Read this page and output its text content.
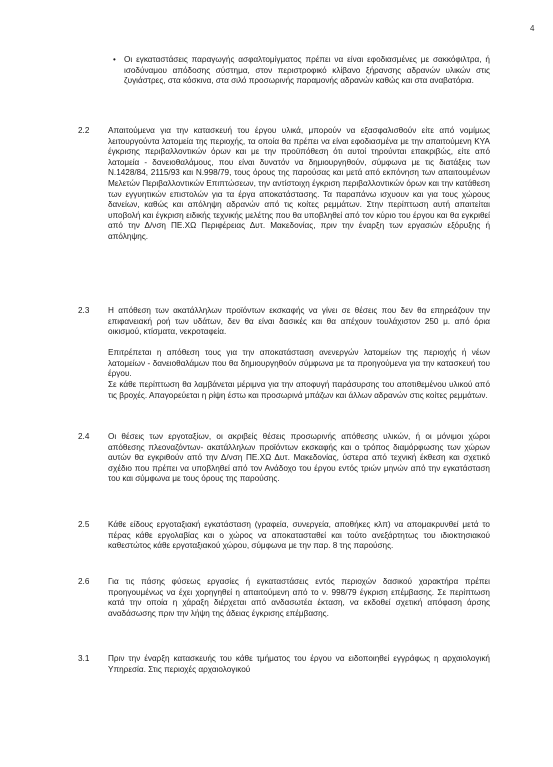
4
• Οι εγκαταστάσεις παραγωγής ασφαλτομίγματος πρέπει να είναι εφοδιασμένες με σακκόφιλτρα, ή ισοδύναμου απόδοσης σύστημα, στον περιστροφικό κλίβανο ξήρανσης αδρανών υλικών στις ζυγιάστρες, στα κόσκινα, στα σιλό προσωρινής παραμονής αδρανών καθώς και στα αναβατόρια.
2.2 Απαιτούμενα για την κατασκευή του έργου υλικά, μπορούν να εξασφαλισθούν είτε από νομίμως λειτουργούντα λατομεία της περιοχής, τα οποία θα πρέπει να είναι εφοδιασμένα με την απαιτούμενη ΚΥΑ έγκρισης περιβαλλοντικών όρων και με την προϋπόθεση ότι αυτοί τηρούνται επακριβώς, είτε από λατομεία - δανειοθαλάμους, που είναι δυνατόν να δημιουργηθούν, σύμφωνα με τις διατάξεις των Ν.1428/84, 2115/93 και Ν.998/79, τους όρους της παρούσας και μετά από εκπόνηση των απαιτουμένων Μελετών Περιβαλλοντικών Επιπτώσεων, την αντίστοιχη έγκριση περιβαλλοντικών όρων και την κατάθεση των εγγυητικών επιστολών για τα έργα αποκατάστασης. Τα παραπάνω ισχυουν και για τους χώρους δανείων, καθώς και απόληψη αδρανών από τις κοίτες ρεμμάτων. Στην περίπτωση αυτή απαιτείται υποβολή και έγκριση ειδικής τεχνικής μελέτης που θα υποβληθεί από τον κύριο του έργου και θα εγκριθεί από την Δ/νση ΠΕ.ΧΩ Περιφέρειας Δυτ. Μακεδονίας, πριν την έναρξη των εργασιών εξόρυξης ή απόληψης.
2.3 Η απόθεση των ακατάλληλων προϊόντων εκσκαφής να γίνει σε θέσεις που δεν θα επηρεάζουν την επιφανειακή ροή των υδάτων, δεν θα είναι δασικές και θα απέχουν τουλάχιστον 250 μ. από όρια οικισμού, κτίσματα, νεκροταφεία.
Επιτρέπεται η απόθεση τους για την αποκατάσταση ανενεργών λατομείων της περιοχής ή νέων λατομείων - δανειοθαλάμων που θα δημιουργηθούν σύμφωνα με τα προηγούμενα για την κατασκευή του έργου.
Σε κάθε περίπτωση θα λαμβάνεται μέριμνα για την αποφυγή παράσυρσης του αποτιθεμένου υλικού από τις βροχές. Απαγορεύεται η ρίψη έστω και προσωρινά μπάζων και άλλων αδρανών στις κοίτες ρεμμάτων.
2.4 Οι θέσεις των εργοταξίων, οι ακριβείς θέσεις προσωρινής απόθεσης υλικών, ή οι μόνιμοι χώροι απόθεσης πλεοναζόντων- ακατάλληλων προϊόντων εκσκαφής και ο τρόπος διαμόρφωσης των χώρων αυτών θα εγκριθούν από την Δ/νση ΠΕ.ΧΩ Δυτ. Μακεδονίας, ύστερα από τεχνική έκθεση και σχετικό σχέδιο που πρέπει να υποβληθεί από τον Ανάδοχο του έργου εντός τριών μηνών από την εγκατάσταση του και σύμφωνα με τους όρους της παρούσης.
2.5 Κάθε είδους εργοταξιακή εγκατάσταση (γραφεία, συνεργεία, αποθήκες κλπ) να απομακρυνθεί μετά το πέρας κάθε εργολαβίας και ο χώρος να αποκατασταθεί και τούτο ανεξάρτητως του ιδιοκτησιακού καθεστώτος κάθε εργοταξιακού χώρου, σύμφωνα με την παρ. 8 της παρούσης.
2.6 Για τις πάσης φύσεως εργασίες ή εγκαταστάσεις εντός περιοχών δασικού χαρακτήρα πρέπει προηγουμένως να έχει χορηγηθεί η απαιτούμενη από το ν. 998/79 έγκριση επέμβασης. Σε περίπτωση κατά την οποία η χάραξη διέρχεται από ανδασωτέα έκταση, να εκδοθεί σχετική απόφαση άρσης αναδάσωσης πριν την λήψη της άδειας έγκρισης επέμβασης.
3.1 Πριν την έναρξη κατασκευής του κάθε τμήματος του έργου να ειδοποιηθεί εγγράφως η αρχαιολογική Υπηρεσία. Στις περιοχές αρχαιολογικού
